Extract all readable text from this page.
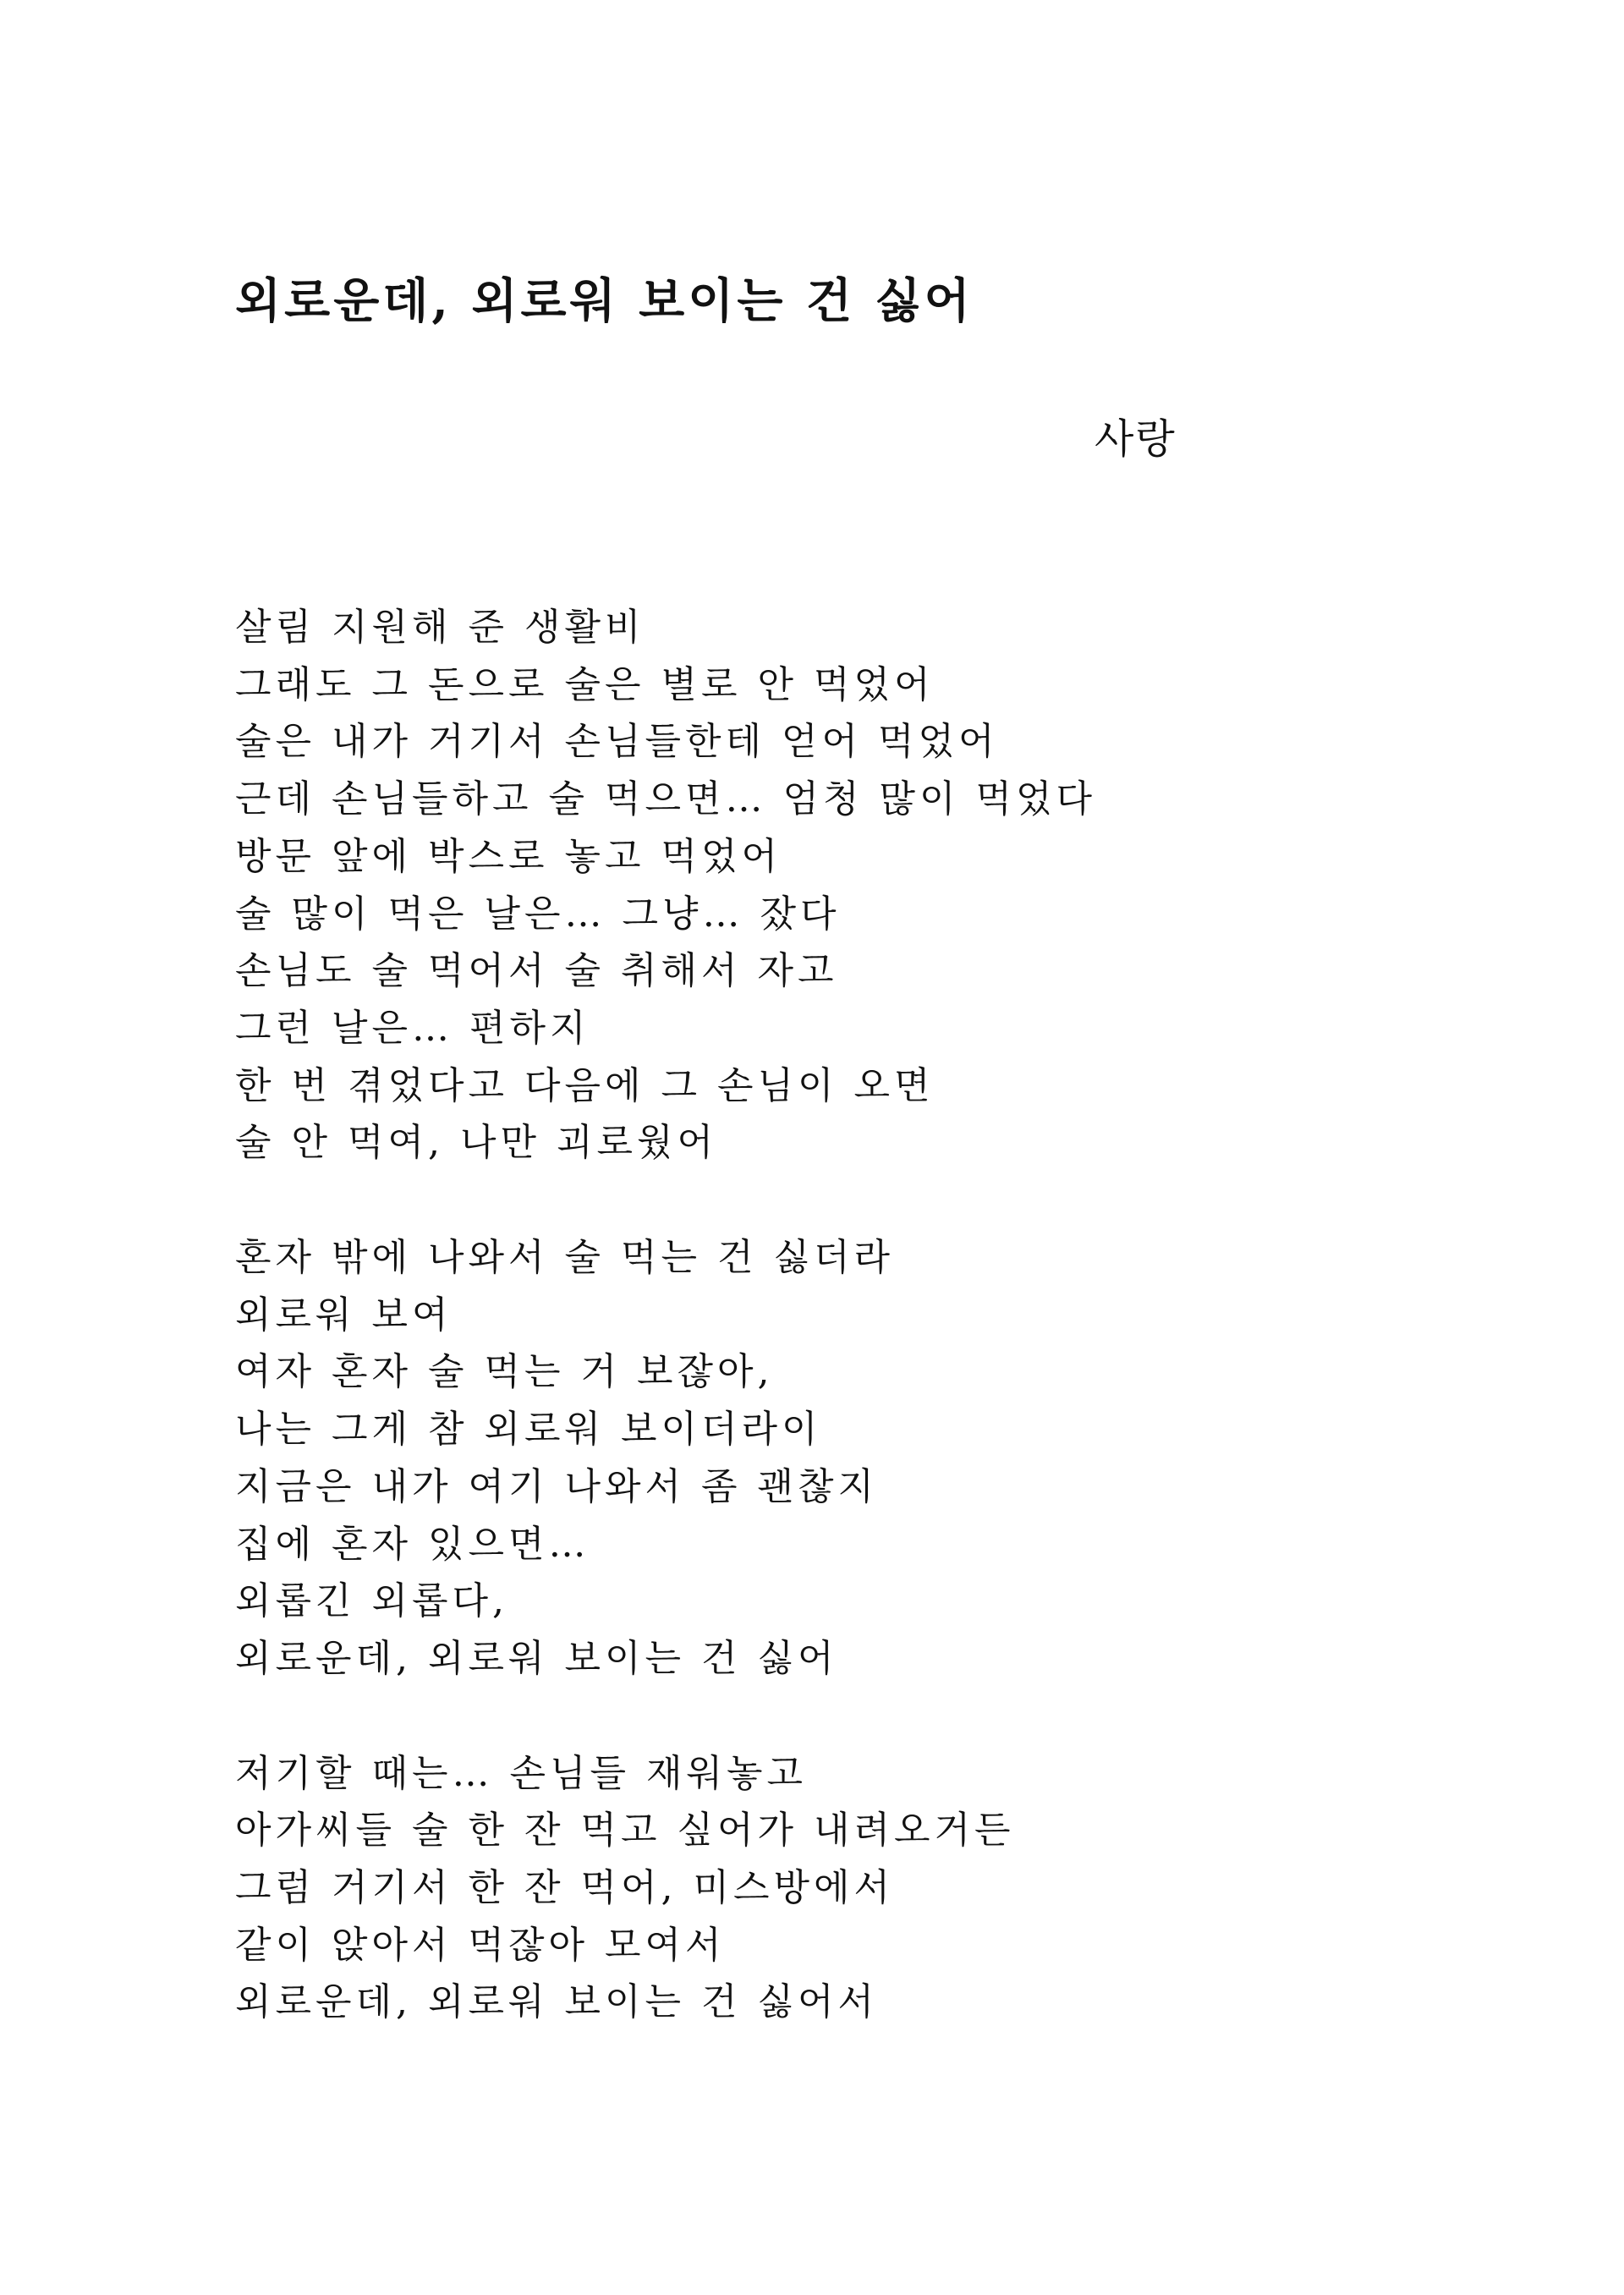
외로운데, 외로워 보이는 건 싫어

사랑

살림 지원해 준 생활비
그래도 그 돈으로 술은 별로 안 먹었어
술은 내가 거기서 손님들한테 얻어 먹었어
근데 손님들하고 술 먹으면… 엄청 많이 먹었다
방문 앞에 박스로 놓고 먹었어
술 많이 먹은 날은… 그냥… 잤다
손님도 술 먹어서 술 취해서 자고
그런 날은… 편하지
한 번 겪었다고 다음에 그 손님이 오면
술 안 먹여, 나만 괴로웠어
혼자 밖에 나와서 술 먹는 건 싫더라
외로워 보여
여자 혼자 술 먹는 거 보잖아,
나는 그게 참 외로워 보이더라이
지금은 내가 여기 나와서 좀 괜찮지
집에 혼자 있으면…
외롭긴 외롭다,
외로운데, 외로워 보이는 건 싫어
저기할 때는… 손님들 재워놓고
아가씨들 술 한 잔 먹고 싶어가 내려오거든
그럼 거기서 한 잔 먹어, 미스방에서
같이 앉아서 먹잖아 모여서
외로운데, 외로워 보이는 건 싫어서
